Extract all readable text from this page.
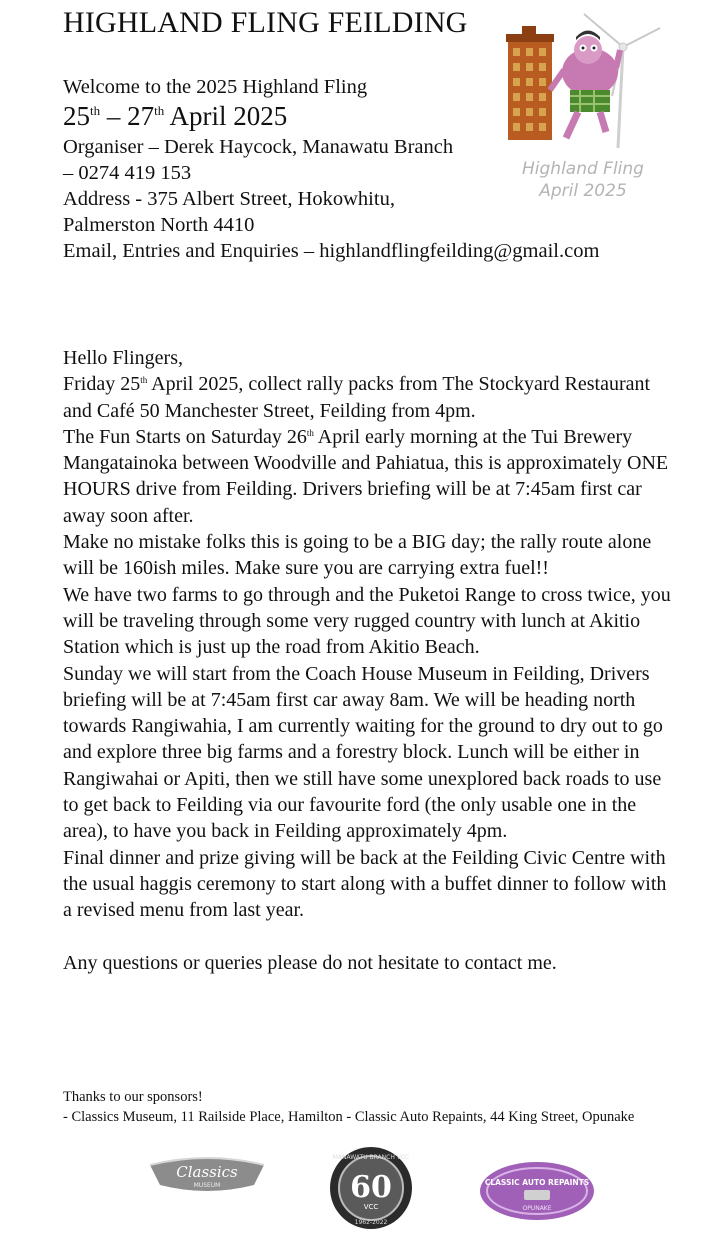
HIGHLAND FLING FEILDING
Welcome to the 2025 Highland Fling
25th – 27th April 2025
Organiser – Derek Haycock, Manawatu Branch
– 0274 419 153
Address - 375 Albert Street, Hokowhitu,
Palmerston North 4410
Email, Entries and Enquiries – highlandflingfeilding@gmail.com
Highland Fling
April 2025

Hello Flingers,

Friday 25th April 2025, collect rally packs from The Stockyard Restaurant and Café 50 Manchester Street, Feilding from 4pm.

The Fun Starts on Saturday 26th April early morning at the Tui Brewery Mangatainoka between Woodville and Pahiatua, this is approximately ONE HOURS drive from Feilding. Drivers briefing will be at 7:45am first car away soon after.

Make no mistake folks this is going to be a BIG day; the rally route alone will be 160ish miles. Make sure you are carrying extra fuel!!

We have two farms to go through and the Puketoi Range to cross twice, you will be traveling through some very rugged country with lunch at Akitio Station which is just up the road from Akitio Beach.

Sunday we will start from the Coach House Museum in Feilding, Drivers briefing will be at 7:45am first car away 8am. We will be heading north towards Rangiwahia, I am currently waiting for the ground to dry out to go and explore three big farms and a forestry block. Lunch will be either in Rangiwahai or Apiti, then we still have some unexplored back roads to use to get back to Feilding via our favourite ford (the only usable one in the area), to have you back in Feilding approximately 4pm.

Final dinner and prize giving will be back at the Feilding Civic Centre with the usual haggis ceremony to start along with a buffet dinner to follow with a revised menu from last year.

Any questions or queries please do not hesitate to contact me.

Thanks to our sponsors!
- Classics Museum, 11 Railside Place, Hamilton - Classic Auto Repaints, 44 King Street, Opunake
Classics
MUSEUM
MANAWATU BRANCH VCC
60
VCC
1962-2022
CLASSIC AUTO REPAINTS
OPUNAKE
